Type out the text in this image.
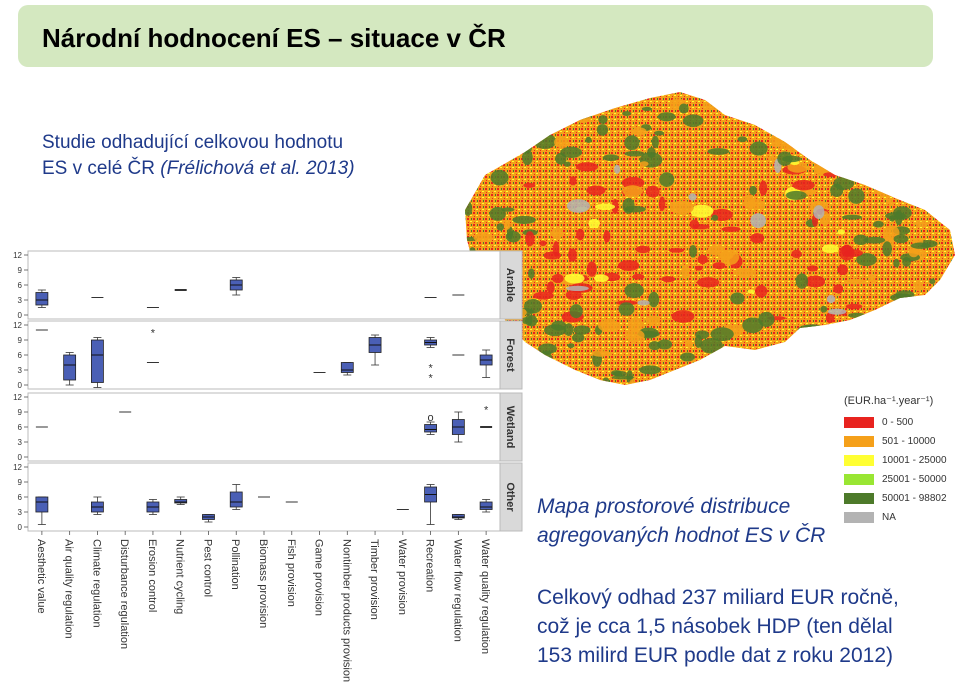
Národní hodnocení ES – situace v ČR
Studie odhadující celkovou hodnotu
ES v celé ČR (Frélichová et al. 2013)
(EUR.ha⁻¹.year⁻¹)
0 - 500
501 - 10000
10001 - 25000
25001 - 50000
50001 - 98802
NA
Arable
0
3
6
9
12
Forest
0
3
6
9
12
Wetland
0
3
6
9
12
Other
0
3
6
9
12
*
*
*
*
o
Aesthetic value Air quality regulation Climate regulation Disturbance regulation Erosion control Nutrient cycling Pest control Pollination Biomass provision Fish provision Game provision Nontimber products provision Timber provision Water provision Recreation Water flow regulation Water quality regulation
Mapa prostorové distribuce
agregovaných hodnot ES v ČR
Celkový odhad 237 miliard EUR ročně,
což je cca 1,5 násobek HDP (ten dělal
153 milird EUR podle dat z roku 2012)
